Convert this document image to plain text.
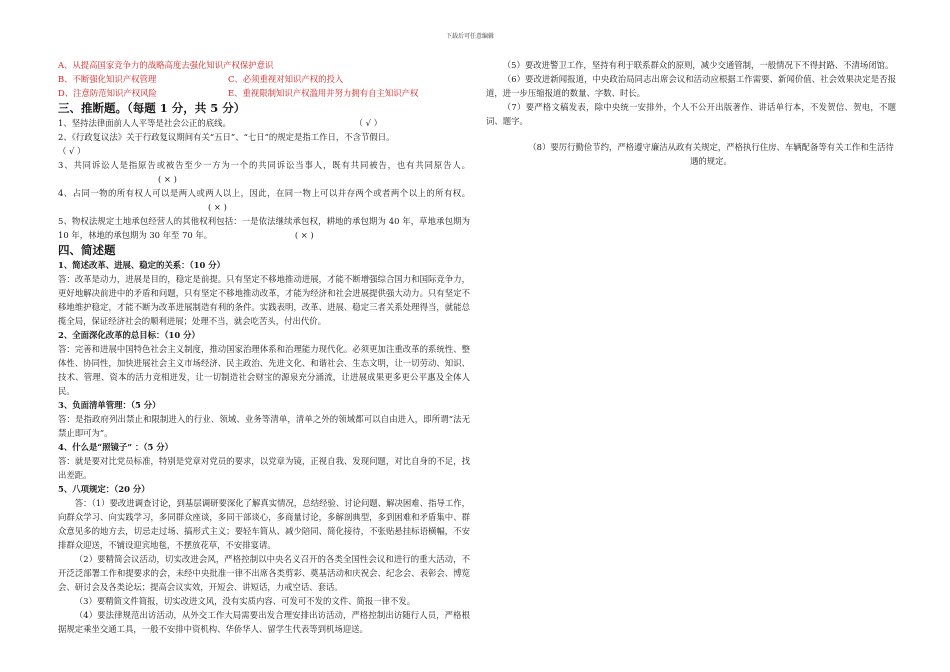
下载后可任意编辑
A、从提高国家竞争力的战略高度去强化知识产权保护意识
B、不断强化知识产权管理	C、必须重视对知识产权的投入
D、注意防范知识产权风险	E、重视限制知识产权滥用并努力拥有自主知识产权
三、推断题。（每题 1 分，共 5 分）
1、坚持法律面前人人平等是社会公正的底线。	（ √ ）
2、《行政复议法》关于行政复议期间有关“五日”、“七日”的规定是指工作日，不含节假日。
（ √ ）
3、共同诉讼人是指原告或被告至少一方为一个的共同诉讼当事人，既有共同被告，也有共同原告人。 ( × )
4、占同一物的所有权人可以是两人或两人以上，因此，在同一物上可以并存两个或者两个以上的所有权。 ( × )
5、物权法规定土地承包经营人的其他权利包括：一是依法继续承包权，耕地的承包期为 40 年，草地承包期为 10 年，林地的承包期为 30 年至 70 年。	( × )
四、简述题
1、简述改革、进展、稳定的关系：（10 分）
答：改革是动力，进展是目的，稳定是前提。只有坚定不移地推动进展，才能不断增强综合国力和国际竞争力，更好地解决前进中的矛盾和问题，只有坚定不移地推动改革，才能为经济和社会进展提供强大动力。只有坚定不移地维护稳定，才能不断为改革进展制造有利的条件。实践表明，改革、进展、稳定三者关系处理得当，就能总揽全局，保证经济社会的顺利进展；处理不当，就会吃苦头，付出代价。
2、全面深化改革的总目标：（10 分）
答：完善和进展中国特色社会主义制度，推动国家治理体系和治理能力现代化。必须更加注重改革的系统性、整体性、协同性，加快进展社会主义市场经济、民主政治、先进文化、和谐社会、生态文明，让一切劳动、知识、技术、管理、资本的活力竞相迸发，让一切制造社会财宝的源泉充分涌流，让进展成果更多更公平惠及全体人民。
3、负面清单管理：（5 分）
答：是指政府列出禁止和限制进入的行业、领域、业务等清单，清单之外的领域都可以自由进入，即所谓“法无禁止即可为”。
4、什么是“照镜子” ：（5 分）
答：就是要对比党员标准，特别是党章对党员的要求，以党章为镜，正视自我、发现问题，对比自身的不足，找出差距。
5、八项规定：（20 分）
答：（1）要改进调查讨论，到基层调研要深化了解真实情况，总结经验、讨论问题、解决困难、指导工作，向群众学习、向实践学习，多同群众座谈，多同干部谈心，多商量讨论，多解剖典型，多到困难和矛盾集中、群众意见多的地方去，切忌走过场、搞形式主义；要轻车简从、减少陪同、简化接待，不张贴悬挂标语横幅，不安排群众迎送，不铺设迎宾地毯，不摆放花草，不安排宴请。
（2）要精简会议活动，切实改进会风，严格控制以中央名义召开的各类全国性会议和进行的重大活动，不开泛泛部署工作和提要求的会，未经中央批准一律不出席各类剪彩、奠基活动和庆祝会、纪念会、表彰会、博览会、研讨会及各类论坛；提高会议实效，开短会、讲短话，力戒空话、套话。
（3）要精简文件简报，切实改进文风，没有实质内容、可发可不发的文件、简报一律不发。
（4）要法律规范出访活动，从外交工作大局需要出发合理安排出访活动，严格控制出访随行人员，严格根据规定乘坐交通工具，一般不安排中资机构、华侨华人、留学生代表等到机场迎送。
（5）要改进警卫工作，坚持有利于联系群众的原则，减少交通管制，一般情况下不得封路、不清场闭馆。
（6）要改进新闻报道，中央政治局同志出席会议和活动应根据工作需要、新闻价值、社会效果决定是否报道，进一步压缩报道的数量、字数、时长。
（7）要严格文稿发表，除中央统一安排外，个人不公开出版著作、讲话单行本，不发贺信、贺电，不题词、题字。
（8）要厉行勤俭节约，严格遵守廉洁从政有关规定，严格执行住房、车辆配备等有关工作和生活待遇的规定。
